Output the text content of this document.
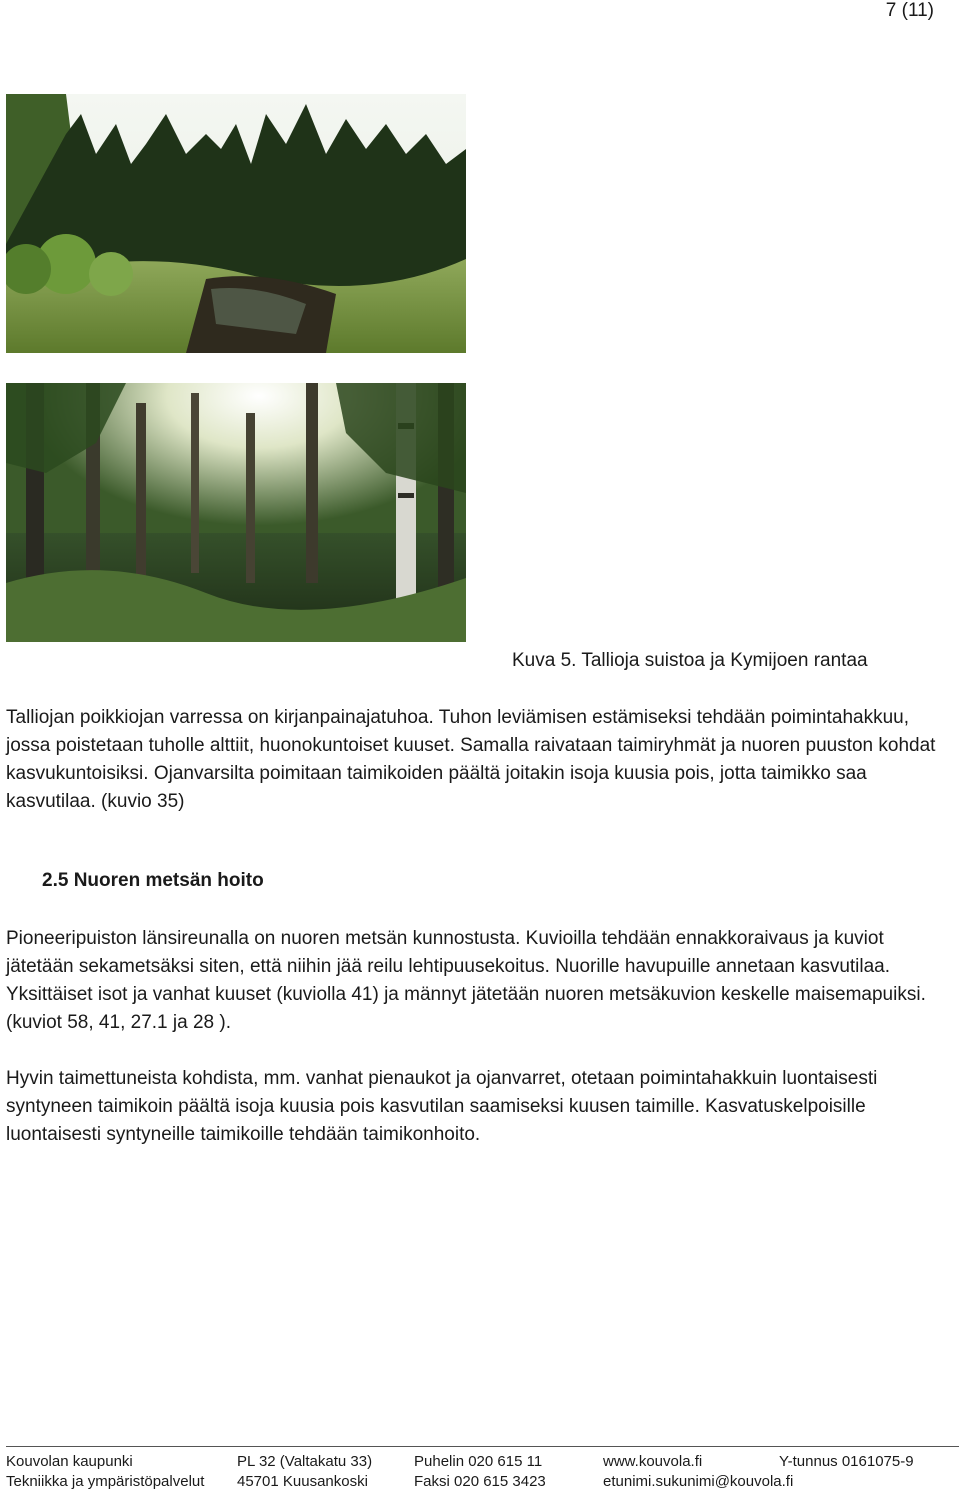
7 (11)
Kuva 5. Tallioja suistoa ja Kymijoen rantaa

Talliojan poikkiojan varressa on kirjanpainajatuhoa. Tuhon leviämisen estämiseksi tehdään poimintahakkuu, jossa poistetaan tuholle alttiit, huonokuntoiset kuuset. Samalla raivataan taimiryhmät ja nuoren puuston kohdat kasvukuntoisiksi. Ojanvarsilta poimitaan taimikoiden päältä joitakin isoja kuusia pois, jotta taimikko saa kasvutilaa. (kuvio 35)

2.5 Nuoren metsän hoito

Pioneeripuiston länsireunalla on nuoren metsän kunnostusta. Kuvioilla tehdään ennakkoraivaus ja kuviot jätetään sekametsäksi siten, että niihin jää reilu lehtipuusekoitus. Nuorille havupuille annetaan kasvutilaa. Yksittäiset isot ja vanhat kuuset (kuviolla 41) ja männyt jätetään nuoren metsäkuvion keskelle maisemapuiksi. (kuviot 58, 41, 27.1 ja 28 ).

Hyvin taimettuneista kohdista, mm. vanhat pienaukot ja ojanvarret, otetaan poimintahakkuin luontaisesti syntyneen taimikoin päältä isoja kuusia pois kasvutilan saamiseksi kuusen taimille. Kasvatuskelpoisille luontaisesti syntyneille taimikoille tehdään taimikonhoito.

Kouvolan kaupunki	PL 32 (Valtakatu 33)	Puhelin 020 615 11	www.kouvola.fi	Y-tunnus 0161075-9
Tekniikka ja ympäristöpalvelut 45701 Kuusankoski	Faksi 020 615 3423	etunimi.sukunimi@kouvola.fi
